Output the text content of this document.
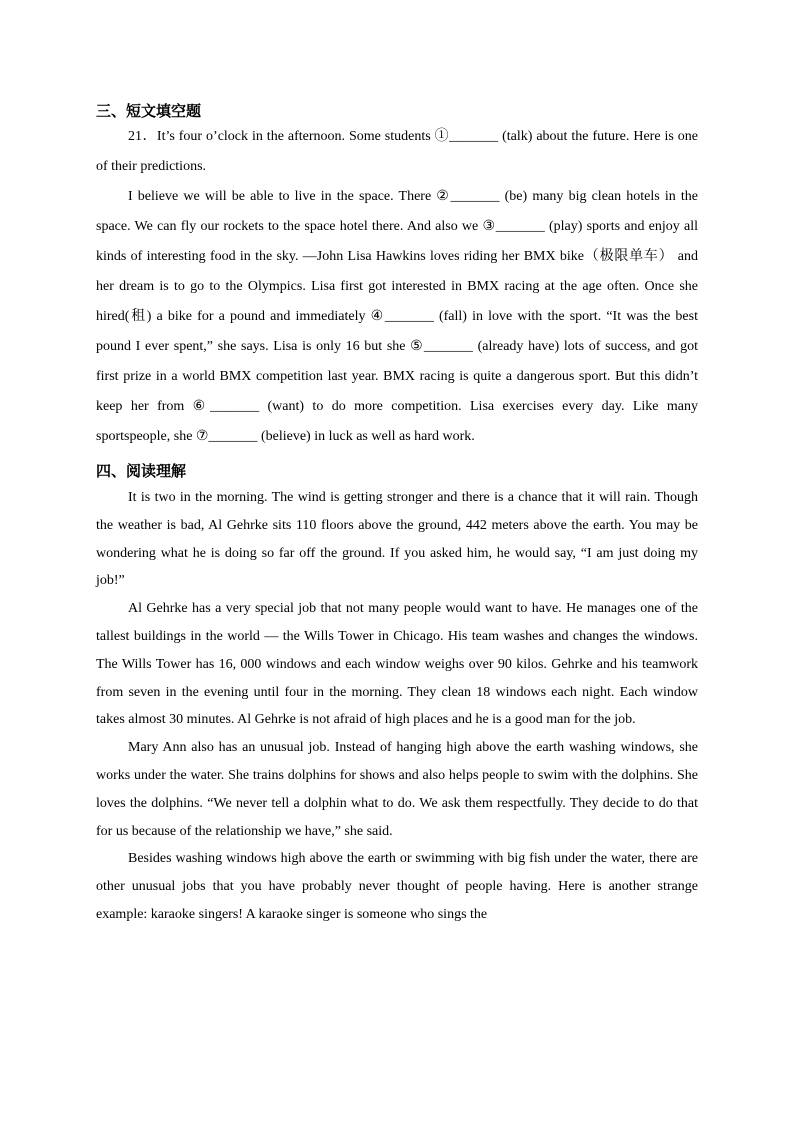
三、短文填空题

21．It’s four o’clock in the afternoon. Some students ①_______ (talk) about the future. Here is one of their predictions.

I believe we will be able to live in the space. There ②_______ (be) many big clean hotels in the space. We can fly our rockets to the space hotel there. And also we ③_______ (play) sports and enjoy all kinds of interesting food in the sky. —John Lisa Hawkins loves riding her BMX bike（极限单车） and her dream is to go to the Olympics. Lisa first got interested in BMX racing at the age often. Once she hired(租) a bike for a pound and immediately ④_______ (fall) in love with the sport. “It was the best pound I ever spent,” she says. Lisa is only 16 but she ⑤_______ (already have) lots of success, and got first prize in a world BMX competition last year. BMX racing is quite a dangerous sport. But this didn’t keep her from ⑥_______ (want) to do more competition. Lisa exercises every day. Like many sportspeople, she ⑦_______ (believe) in luck as well as hard work.

四、阅读理解

It is two in the morning. The wind is getting stronger and there is a chance that it will rain. Though the weather is bad, Al Gehrke sits 110 floors above the ground, 442 meters above the earth. You may be wondering what he is doing so far off the ground. If you asked him, he would say, “I am just doing my job!”

Al Gehrke has a very special job that not many people would want to have. He manages one of the tallest buildings in the world — the Wills Tower in Chicago. His team washes and changes the windows. The Wills Tower has 16, 000 windows and each window weighs over 90 kilos. Gehrke and his teamwork from seven in the evening until four in the morning. They clean 18 windows each night. Each window takes almost 30 minutes. Al Gehrke is not afraid of high places and he is a good man for the job.

Mary Ann also has an unusual job. Instead of hanging high above the earth washing windows, she works under the water. She trains dolphins for shows and also helps people to swim with the dolphins. She loves the dolphins. “We never tell a dolphin what to do. We ask them respectfully. They decide to do that for us because of the relationship we have,” she said.

Besides washing windows high above the earth or swimming with big fish under the water, there are other unusual jobs that you have probably never thought of people having. Here is another strange example: karaoke singers! A karaoke singer is someone who sings the
